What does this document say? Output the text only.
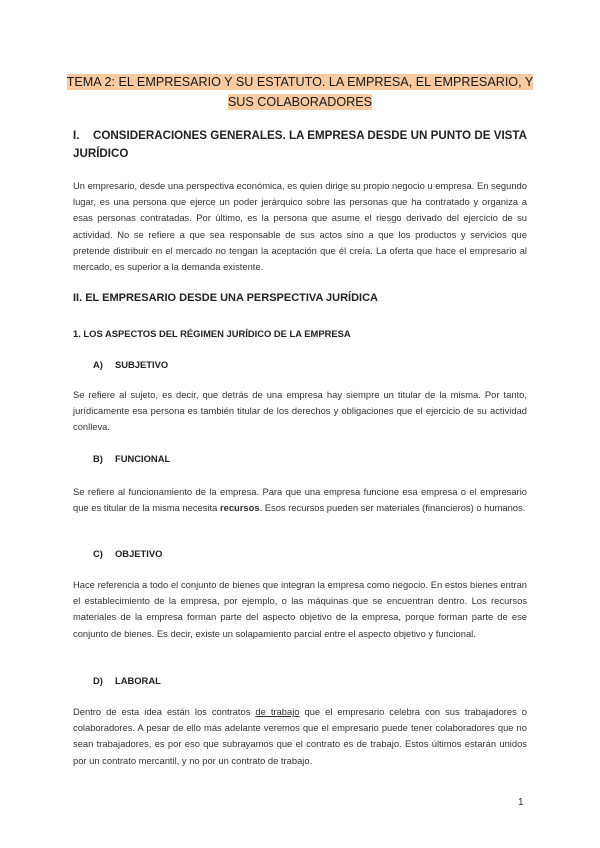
TEMA 2: EL EMPRESARIO Y SU ESTATUTO. LA EMPRESA, EL EMPRESARIO, Y SUS COLABORADORES
I. CONSIDERACIONES GENERALES. LA EMPRESA DESDE UN PUNTO DE VISTA JURÍDICO
Un empresario, desde una perspectiva económica, es quien dirige su propio negocio u empresa. En segundo lugar, es una persona que ejerce un poder jerárquico sobre las personas que ha contratado y organiza a esas personas contratadas. Por último, es la persona que asume el riesgo derivado del ejercicio de su actividad. No se refiere a que sea responsable de sus actos sino a que los productos y servicios que pretende distribuir en el mercado no tengan la aceptación que él creía. La oferta que hace el empresario al mercado, es superior a la demanda existente.
II. EL EMPRESARIO DESDE UNA PERSPECTIVA JURÍDICA
1. LOS ASPECTOS DEL RÉGIMEN JURÍDICO DE LA EMPRESA
A) SUBJETIVO
Se refiere al sujeto, es decir, que detrás de una empresa hay siempre un titular de la misma. Por tanto, jurídicamente esa persona es también titular de los derechos y obligaciones que el ejercicio de su actividad conlleva.
B) FUNCIONAL
Se refiere al funcionamiento de la empresa. Para que una empresa funcione esa empresa o el empresario que es titular de la misma necesita recursos. Esos recursos pueden ser materiales (financieros) o humanos.
C) OBJETIVO
Hace referencia a todo el conjunto de bienes que integran la empresa como negocio. En estos bienes entran el establecimiento de la empresa, por ejemplo, o las máquinas que se encuentran dentro. Los recursos materiales de la empresa forman parte del aspecto objetivo de la empresa, porque forman parte de ese conjunto de bienes. Es decir, existe un solapamiento parcial entre el aspecto objetivo y funcional.
D) LABORAL
Dentro de esta idea están los contratos de trabajo que el empresario celebra con sus trabajadores o colaboradores. A pesar de ello más adelante veremos que el empresario puede tener colaboradores que no sean trabajadores, es por eso que subrayamos que el contrato es de trabajo. Estos últimos estarán unidos por un contrato mercantil, y no por un contrato de trabajo.
1
